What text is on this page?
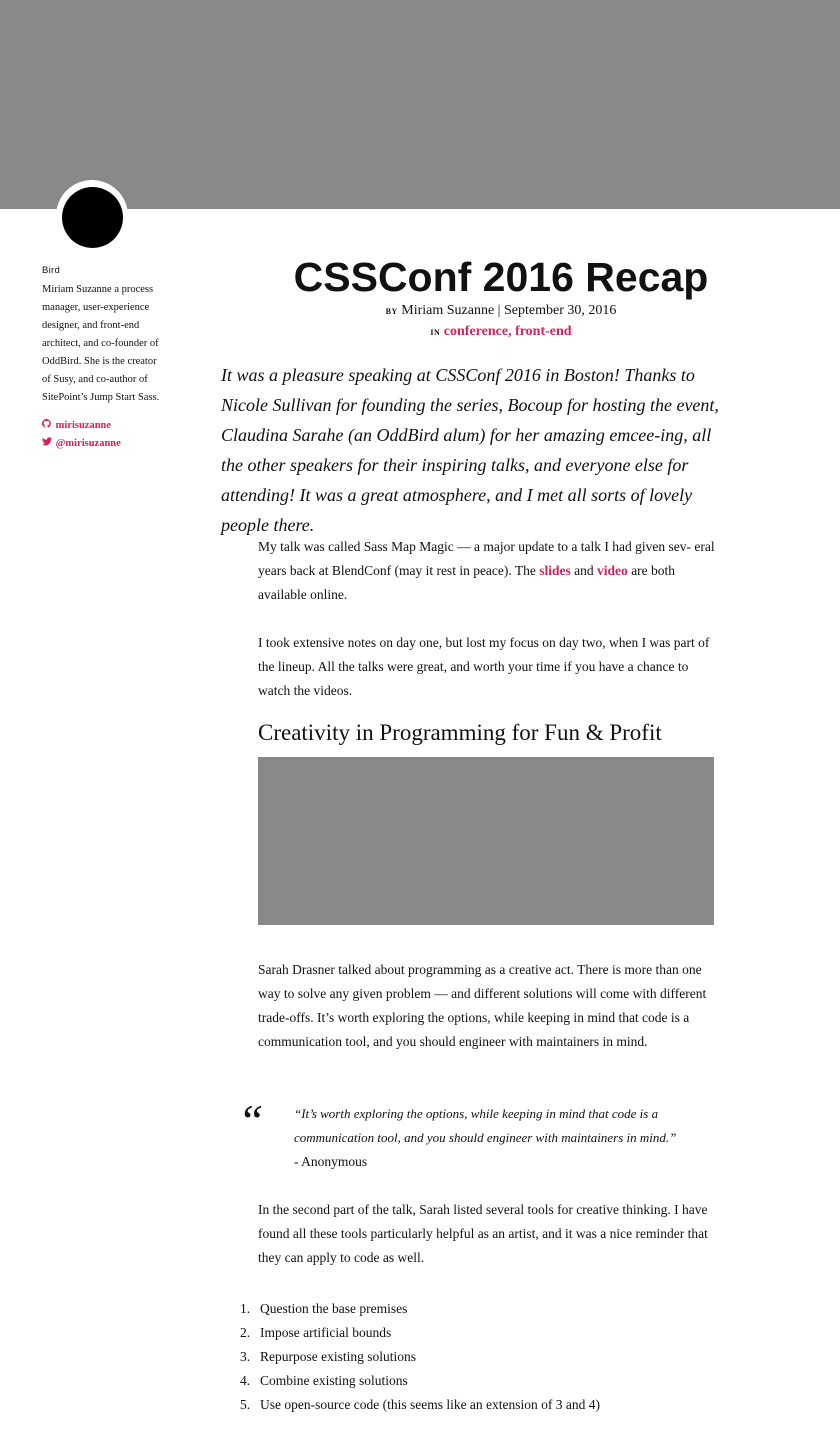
Bird
Miriam Suzanne a process manager, user-experience designer, and front-end architect, and co-founder of OddBird. She is the creator of Susy, and co-author of SitePoint’s Jump Start Sass.
mirisuzanne
@mirisuzanne
CSSConf 2016 Recap
BY Miriam Suzanne | September 30, 2016
IN conference, front-end

It was a pleasure speaking at CSSConf 2016 in Boston! Thanks to Nicole Sullivan for founding the series, Bocoup for hosting the event, Claudina Sarahe (an OddBird alum) for her amazing emcee-ing, all the other speakers for their inspiring talks, and everyone else for attending! It was a great atmosphere, and I met all sorts of lovely people there.

My talk was called Sass Map Magic — a major update to a talk I had given sev- eral years back at BlendConf (may it rest in peace). The slides and video are both available online.

I took extensive notes on day one, but lost my focus on day two, when I was part of the lineup. All the talks were great, and worth your time if you have a chance to watch the videos.

Creativity in Programming for Fun & Profit

Sarah Drasner talked about programming as a creative act. There is more than one way to solve any given problem — and different solutions will come with different trade-offs. It’s worth exploring the options, while keeping in mind that code is a communication tool, and you should engineer with maintainers in mind.

“ “It’s worth exploring the options, while keeping in mind that code is a communication tool, and you should engineer with maintainers in mind.”
- Anonymous

In the second part of the talk, Sarah listed several tools for creative thinking. I have found all these tools particularly helpful as an artist, and it was a nice reminder that they can apply to code as well.

1. Question the base premises
2. Impose artificial bounds
3. Repurpose existing solutions
4. Combine existing solutions
5. Use open-source code (this seems like an extension of 3 and 4)
